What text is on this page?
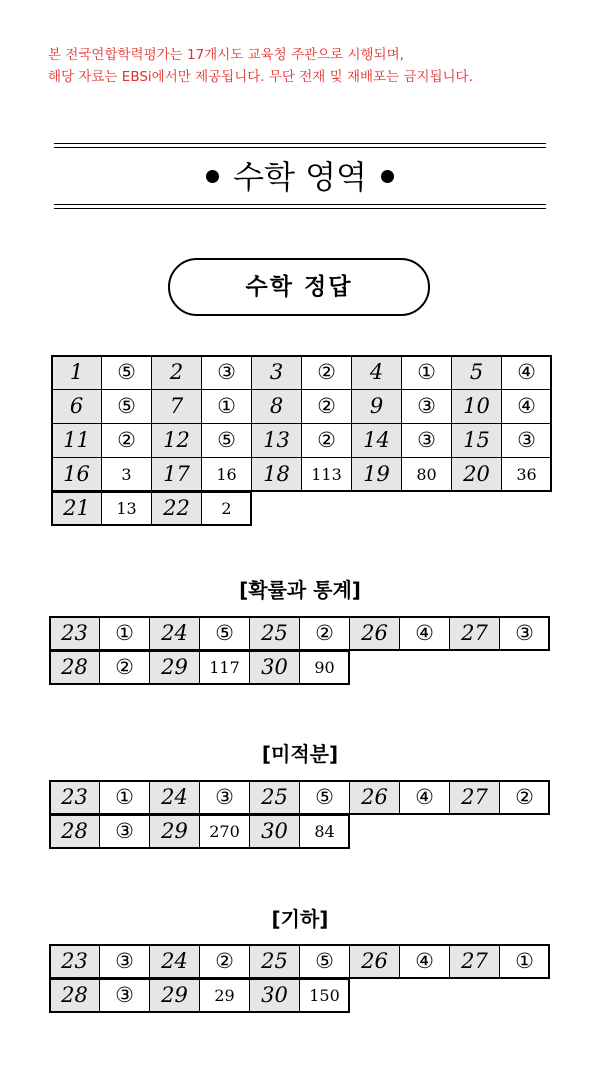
본 전국연합학력평가는 17개시도 교육청 주관으로 시행되며,
해당 자료는 EBSi에서만 제공됩니다. 무단 전재 및 재배포는 금지됩니다.
수학 영역
수학 정답
1	⑤	2	③	3	②	4	①	5	④
6	⑤	7	①	8	②	9	③	10	④
11	②	12	⑤	13	②	14	③	15	③
16	3	17	16	18	113	19	80	20	36
21	13	22	2
[확률과 통계]
23	①	24	⑤	25	②	26	④	27	③
28	②	29	117	30	90
[미적분]
23	①	24	③	25	⑤	26	④	27	②
28	③	29	270	30	84
[기하]
23	③	24	②	25	⑤	26	④	27	①
28	③	29	29	30	150
